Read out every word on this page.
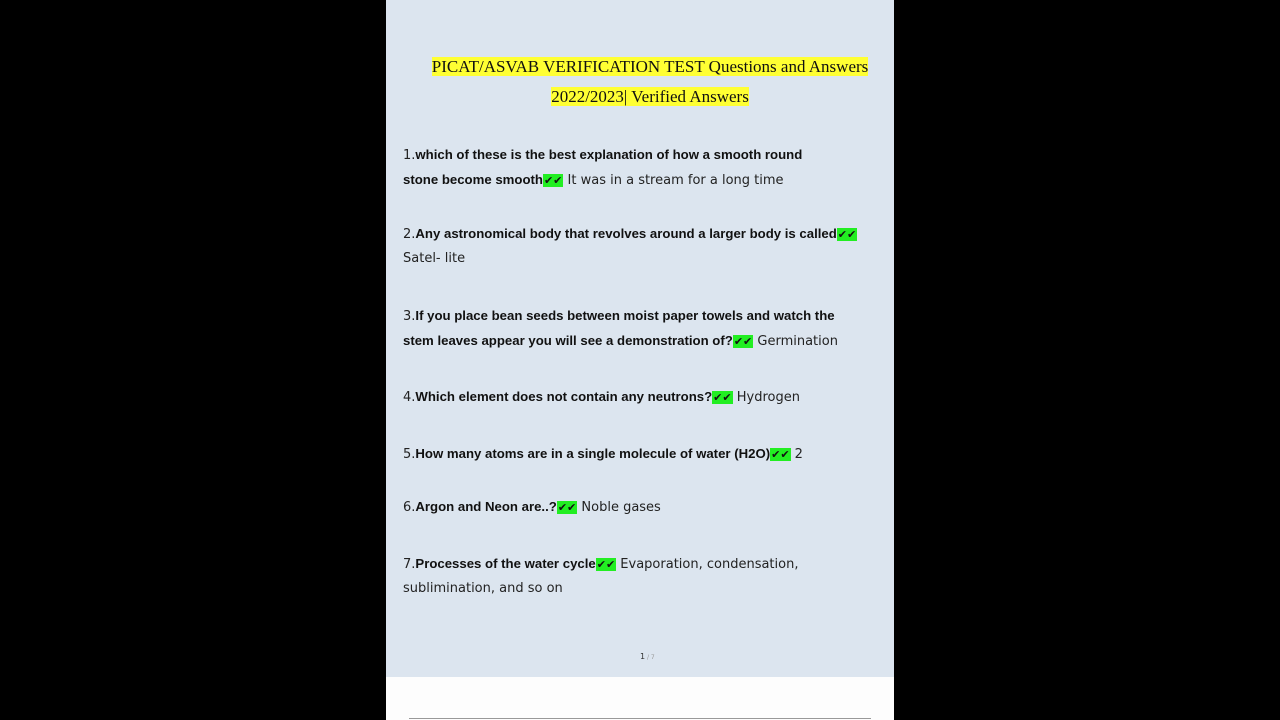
PICAT/ASVAB VERIFICATION TEST Questions and Answers
2022/2023| Verified Answers
1.which of these is the best explanation of how a smooth round
stone become smooth✔✔ It was in a stream for a long time
2.Any astronomical body that revolves around a larger body is called✔✔
Satel- lite
3.If you place bean seeds between moist paper towels and watch the
stem leaves appear you will see a demonstration of?✔✔ Germination
4.Which element does not contain any neutrons?✔✔ Hydrogen
5.How many atoms are in a single molecule of water (H2O)✔✔ 2
6.Argon and Neon are..?✔✔ Noble gases
7.Processes of the water cycle✔✔ Evaporation, condensation,
sublimination, and so on
1 / 7
